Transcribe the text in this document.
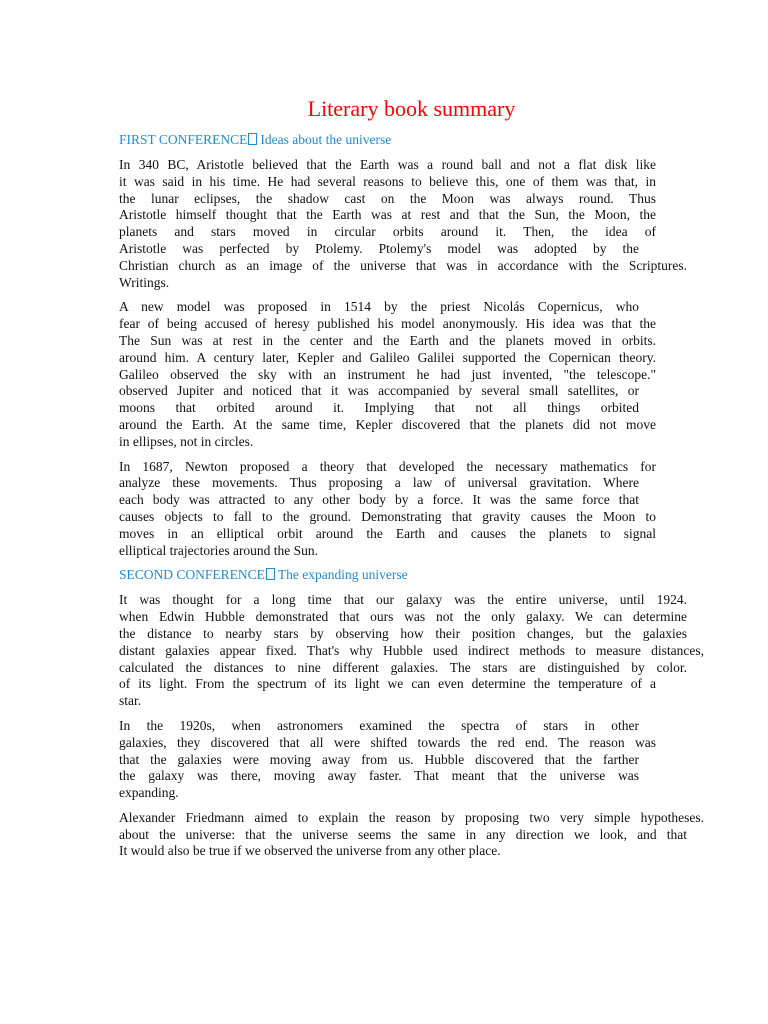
Literary book summary
FIRST CONFERENCE Ideas about the universe
In 340 BC, Aristotle believed that the Earth was a round ball and not a flat disk like
it was said in his time. He had several reasons to believe this, one of them was that, in
the lunar eclipses, the shadow cast on the Moon was always round. Thus
Aristotle himself thought that the Earth was at rest and that the Sun, the Moon, the
planets and stars moved in circular orbits around it. Then, the idea of
Aristotle was perfected by Ptolemy. Ptolemy's model was adopted by the
Christian church as an image of the universe that was in accordance with the Scriptures.
Writings.
A new model was proposed in 1514 by the priest Nicolás Copernicus, who
fear of being accused of heresy published his model anonymously. His idea was that the
The Sun was at rest in the center and the Earth and the planets moved in orbits.
around him. A century later, Kepler and Galileo Galilei supported the Copernican theory.
Galileo observed the sky with an instrument he had just invented, "the telescope."
observed Jupiter and noticed that it was accompanied by several small satellites, or
moons that orbited around it. Implying that not all things orbited
around the Earth. At the same time, Kepler discovered that the planets did not move
in ellipses, not in circles.
In 1687, Newton proposed a theory that developed the necessary mathematics for
analyze these movements. Thus proposing a law of universal gravitation. Where
each body was attracted to any other body by a force. It was the same force that
causes objects to fall to the ground. Demonstrating that gravity causes the Moon to
moves in an elliptical orbit around the Earth and causes the planets to signal
elliptical trajectories around the Sun.
SECOND CONFERENCE The expanding universe
It was thought for a long time that our galaxy was the entire universe, until 1924.
when Edwin Hubble demonstrated that ours was not the only galaxy. We can determine
the distance to nearby stars by observing how their position changes, but the galaxies
distant galaxies appear fixed. That's why Hubble used indirect methods to measure distances,
calculated the distances to nine different galaxies. The stars are distinguished by color.
of its light. From the spectrum of its light we can even determine the temperature of a
star.
In the 1920s, when astronomers examined the spectra of stars in other
galaxies, they discovered that all were shifted towards the red end. The reason was
that the galaxies were moving away from us. Hubble discovered that the farther
the galaxy was there, moving away faster. That meant that the universe was
expanding.
Alexander Friedmann aimed to explain the reason by proposing two very simple hypotheses.
about the universe: that the universe seems the same in any direction we look, and that
It would also be true if we observed the universe from any other place.
